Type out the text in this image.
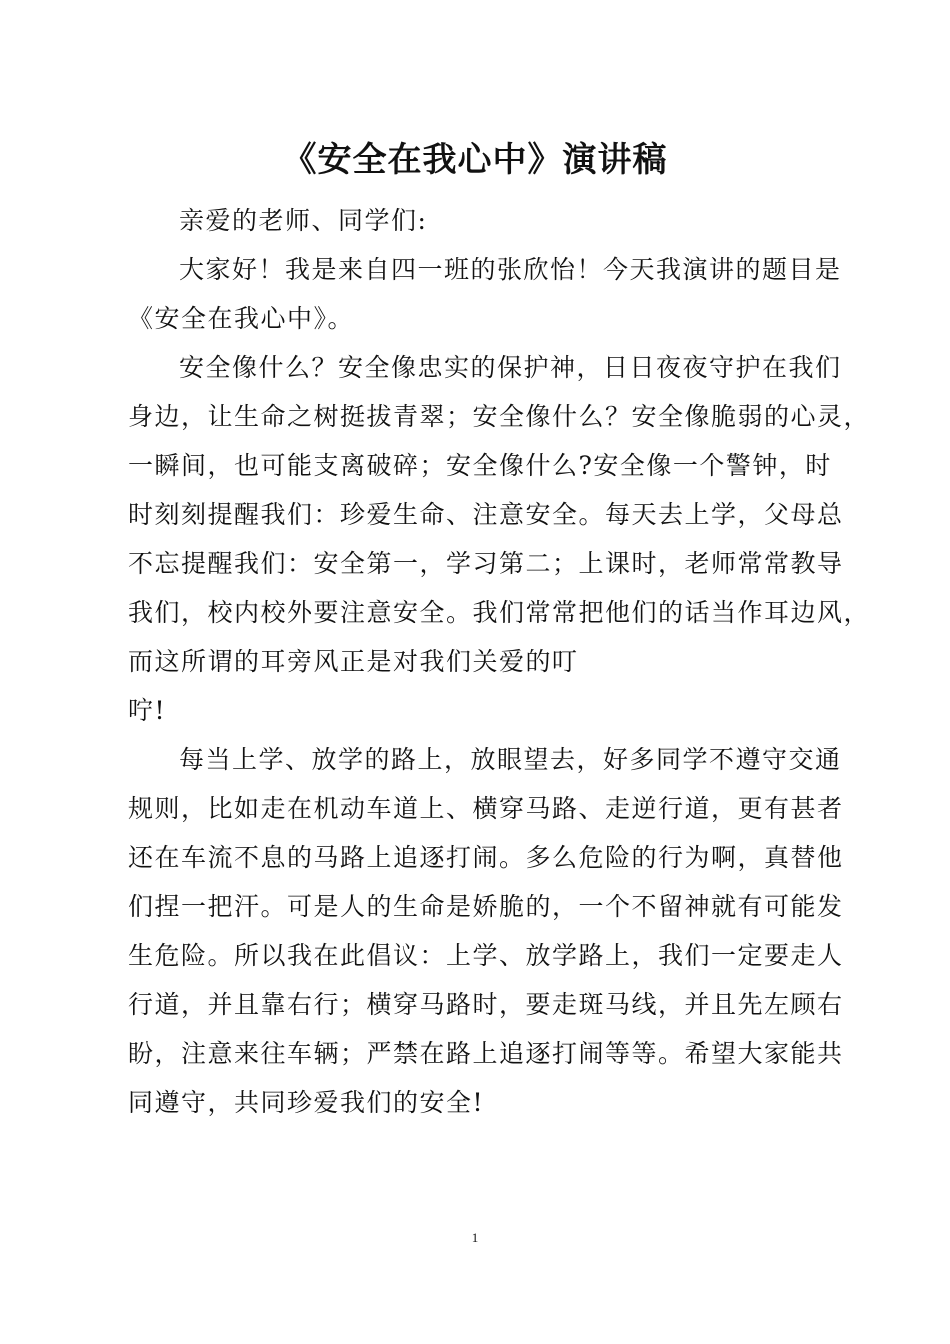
《安全在我心中》演讲稿
亲爱的老师、同学们:
大家好！我是来自四一班的张欣怡！今天我演讲的题目是
《安全在我心中》。
安全像什么？安全像忠实的保护神，日日夜夜守护在我们
身边，让生命之树挺拔青翠；安全像什么？安全像脆弱的心灵，
一瞬间，也可能支离破碎；安全像什么?安全像一个警钟，时
时刻刻提醒我们：珍爱生命、注意安全。每天去上学，父母总
不忘提醒我们：安全第一，学习第二；上课时，老师常常教导
我们，校内校外要注意安全。我们常常把他们的话当作耳边风，
而这所谓的耳旁风正是对我们关爱的叮
咛!
每当上学、放学的路上，放眼望去，好多同学不遵守交通
规则，比如走在机动车道上、横穿马路、走逆行道，更有甚者
还在车流不息的马路上追逐打闹。多么危险的行为啊，真替他
们捏一把汗。可是人的生命是娇脆的，一个不留神就有可能发
生危险。所以我在此倡议：上学、放学路上，我们一定要走人
行道，并且靠右行；横穿马路时，要走斑马线，并且先左顾右
盼，注意来往车辆；严禁在路上追逐打闹等等。希望大家能共
同遵守，共同珍爱我们的安全!
1
